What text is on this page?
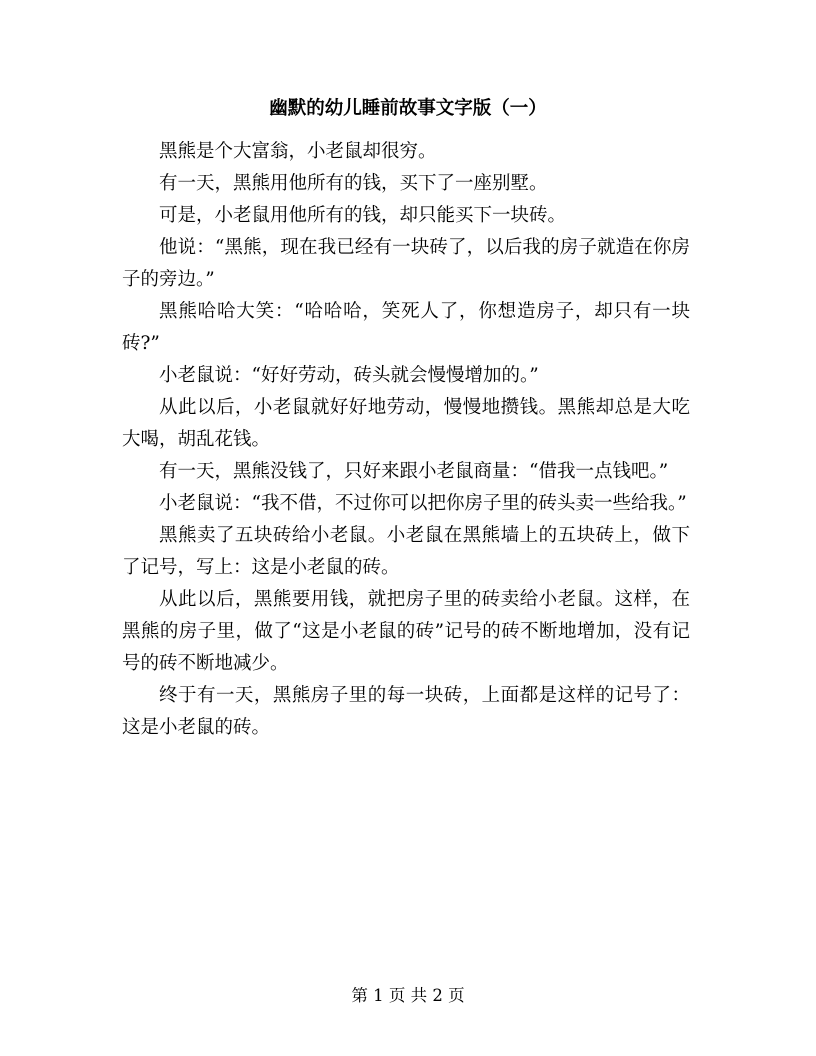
幽默的幼儿睡前故事文字版（一）

黑熊是个大富翁，小老鼠却很穷。

有一天，黑熊用他所有的钱，买下了一座别墅。

可是，小老鼠用他所有的钱，却只能买下一块砖。

他说：“黑熊，现在我已经有一块砖了，以后我的房子就造在你房子的旁边。”

黑熊哈哈大笑：“哈哈哈，笑死人了，你想造房子，却只有一块砖?”

小老鼠说：“好好劳动，砖头就会慢慢增加的。”

从此以后，小老鼠就好好地劳动，慢慢地攒钱。黑熊却总是大吃大喝，胡乱花钱。

有一天，黑熊没钱了，只好来跟小老鼠商量：“借我一点钱吧。”

小老鼠说：“我不借，不过你可以把你房子里的砖头卖一些给我。”

黑熊卖了五块砖给小老鼠。小老鼠在黑熊墙上的五块砖上，做下了记号，写上：这是小老鼠的砖。

从此以后，黑熊要用钱，就把房子里的砖卖给小老鼠。这样，在黑熊的房子里，做了“这是小老鼠的砖”记号的砖不断地增加，没有记号的砖不断地减少。

终于有一天，黑熊房子里的每一块砖，上面都是这样的记号了：这是小老鼠的砖。

第 1 页 共 2 页
